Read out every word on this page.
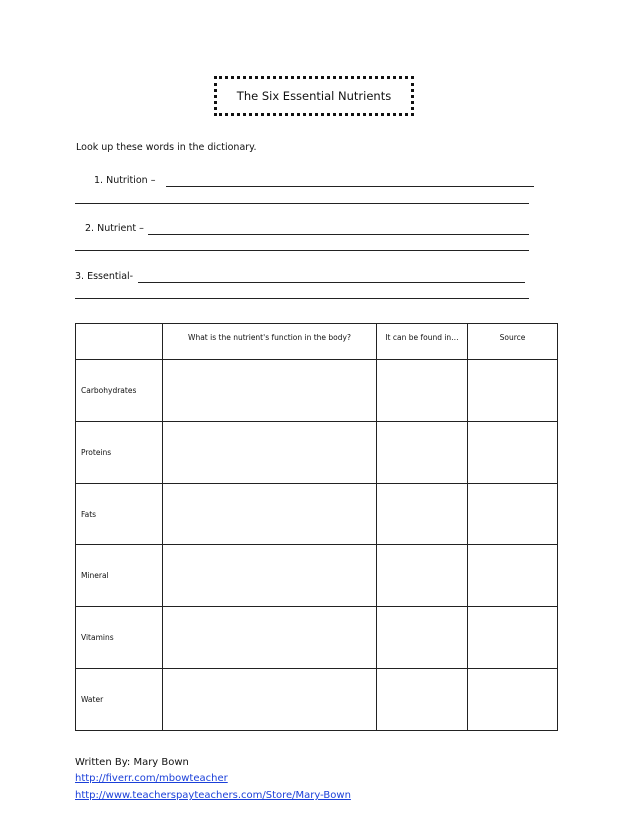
The Six Essential Nutrients
Look up these words in the dictionary.
1. Nutrition –
2. Nutrient –
3. Essential-
	What is the nutrient's function in the body?	It can be found in…	Source
Carbohydrates			
Proteins			
Fats			
Mineral			
Vitamins			
Water			
Written By: Mary Bown
http://fiverr.com/mbowteacher
http://www.teacherspayteachers.com/Store/Mary-Bown
